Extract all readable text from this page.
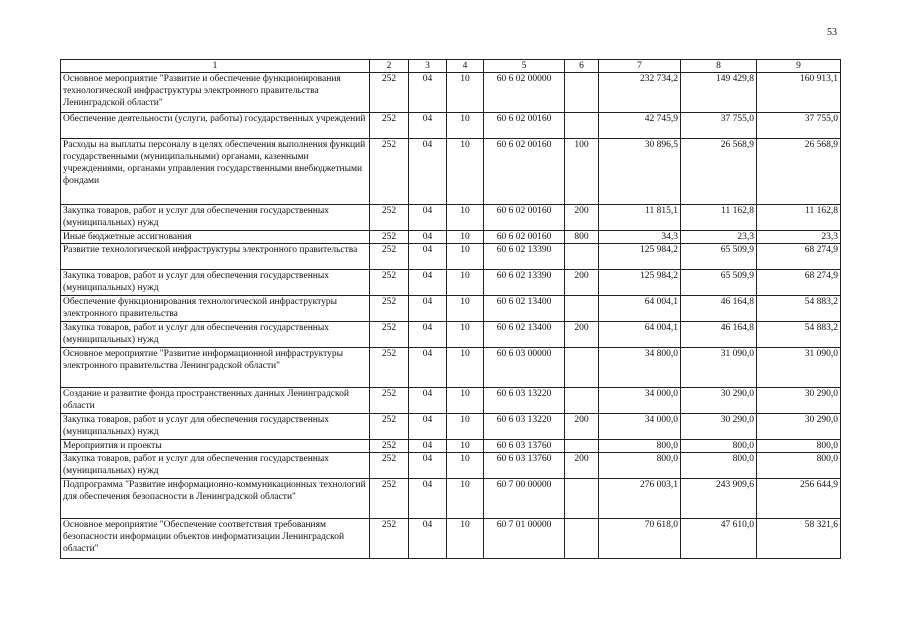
53
1	2	3	4	5	6	7	8	9
Основное мероприятие "Развитие и обеспечение функционирования технологической инфраструктуры электронного правительства Ленинградской области"	252	04	10	60 6 02 00000		232 734,2	149 429,8	160 913,1
Обеспечение деятельности (услуги, работы) государственных учреждений	252	04	10	60 6 02 00160		42 745,9	37 755,0	37 755,0
Расходы на выплаты персоналу в целях обеспечения выполнения функций государственными (муниципальными) органами, казенными учреждениями, органами управления государственными внебюджетными фондами	252	04	10	60 6 02 00160	100	30 896,5	26 568,9	26 568,9
Закупка товаров, работ и услуг для обеспечения государственных (муниципальных) нужд	252	04	10	60 6 02 00160	200	11 815,1	11 162,8	11 162,8
Иные бюджетные ассигнования	252	04	10	60 6 02 00160	800	34,3	23,3	23,3
Развитие технологической инфраструктуры электронного правительства	252	04	10	60 6 02 13390		125 984,2	65 509,9	68 274,9
Закупка товаров, работ и услуг для обеспечения государственных (муниципальных) нужд	252	04	10	60 6 02 13390	200	125 984,2	65 509,9	68 274,9
Обеспечение функционирования технологической инфраструктуры электронного правительства	252	04	10	60 6 02 13400		64 004,1	46 164,8	54 883,2
Закупка товаров, работ и услуг для обеспечения государственных (муниципальных) нужд	252	04	10	60 6 02 13400	200	64 004,1	46 164,8	54 883,2
Основное мероприятие "Развитие информационной инфраструктуры электронного правительства Ленинградской области"	252	04	10	60 6 03 00000		34 800,0	31 090,0	31 090,0
Создание и развитие фонда пространственных данных Ленинградской области	252	04	10	60 6 03 13220		34 000,0	30 290,0	30 290,0
Закупка товаров, работ и услуг для обеспечения государственных (муниципальных) нужд	252	04	10	60 6 03 13220	200	34 000,0	30 290,0	30 290,0
Мероприятия и проекты	252	04	10	60 6 03 13760		800,0	800,0	800,0
Закупка товаров, работ и услуг для обеспечения государственных (муниципальных) нужд	252	04	10	60 6 03 13760	200	800,0	800,0	800,0
Подпрограмма "Развитие информационно-коммуникационных технологий для обеспечения безопасности в Ленинградской области"	252	04	10	60 7 00 00000		276 003,1	243 909,6	256 644,9
Основное мероприятие "Обеспечение соответствия требованиям безопасности информации объектов информатизации Ленинградской области"	252	04	10	60 7 01 00000		70 618,0	47 610,0	58 321,6
